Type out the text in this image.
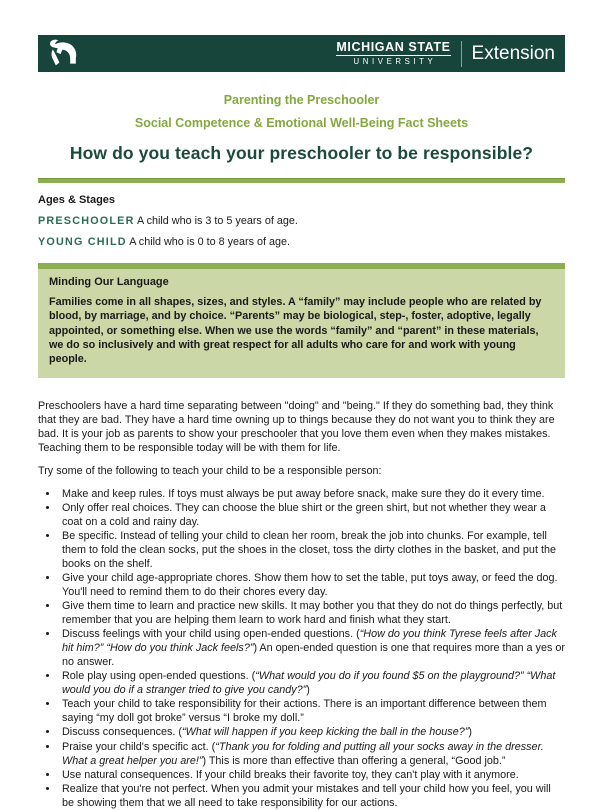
MICHIGAN STATE
UNIVERSITY	Extension
Parenting the Preschooler
Social Competence & Emotional Well-Being Fact Sheets
How do you teach your preschooler to be responsible?
Ages & Stages
PRESCHOOLER A child who is 3 to 5 years of age.
YOUNG CHILD A child who is 0 to 8 years of age.
Minding Our Language

Families come in all shapes, sizes, and styles. A “family” may include people who are related by blood, by marriage, and by choice. “Parents” may be biological, step-, foster, adoptive, legally appointed, or something else. When we use the words “family” and “parent” in these materials, we do so inclusively and with great respect for all adults who care for and work with young people.

Preschoolers have a hard time separating between "doing" and "being." If they do something bad, they think that they are bad. They have a hard time owning up to things because they do not want you to think they are bad. It is your job as parents to show your preschooler that you love them even when they makes mistakes. Teaching them to be responsible today will be with them for life.

Try some of the following to teach your child to be a responsible person:

• Make and keep rules. If toys must always be put away before snack, make sure they do it every time.
• Only offer real choices. They can choose the blue shirt or the green shirt, but not whether they wear a coat on a cold and rainy day.
• Be specific. Instead of telling your child to clean her room, break the job into chunks. For example, tell them to fold the clean socks, put the shoes in the closet, toss the dirty clothes in the basket, and put the books on the shelf.
• Give your child age-appropriate chores. Show them how to set the table, put toys away, or feed the dog. You'll need to remind them to do their chores every day.
• Give them time to learn and practice new skills. It may bother you that they do not do things perfectly, but remember that you are helping them learn to work hard and finish what they start.
• Discuss feelings with your child using open-ended questions. (“How do you think Tyrese feels after Jack hit him?” “How do you think Jack feels?”) An open-ended question is one that requires more than a yes or no answer.
• Role play using open-ended questions. (“What would you do if you found $5 on the playground?” “What would you do if a stranger tried to give you candy?”)
• Teach your child to take responsibility for their actions. There is an important difference between them saying “my doll got broke” versus “I broke my doll.”
• Discuss consequences. (“What will happen if you keep kicking the ball in the house?”)
• Praise your child's specific act. (“Thank you for folding and putting all your socks away in the dresser. What a great helper you are!”) This is more than effective than offering a general, “Good job.”
• Use natural consequences. If your child breaks their favorite toy, they can't play with it anymore.
• Realize that you're not perfect. When you admit your mistakes and tell your child how you feel, you will be showing them that we all need to take responsibility for our actions.
